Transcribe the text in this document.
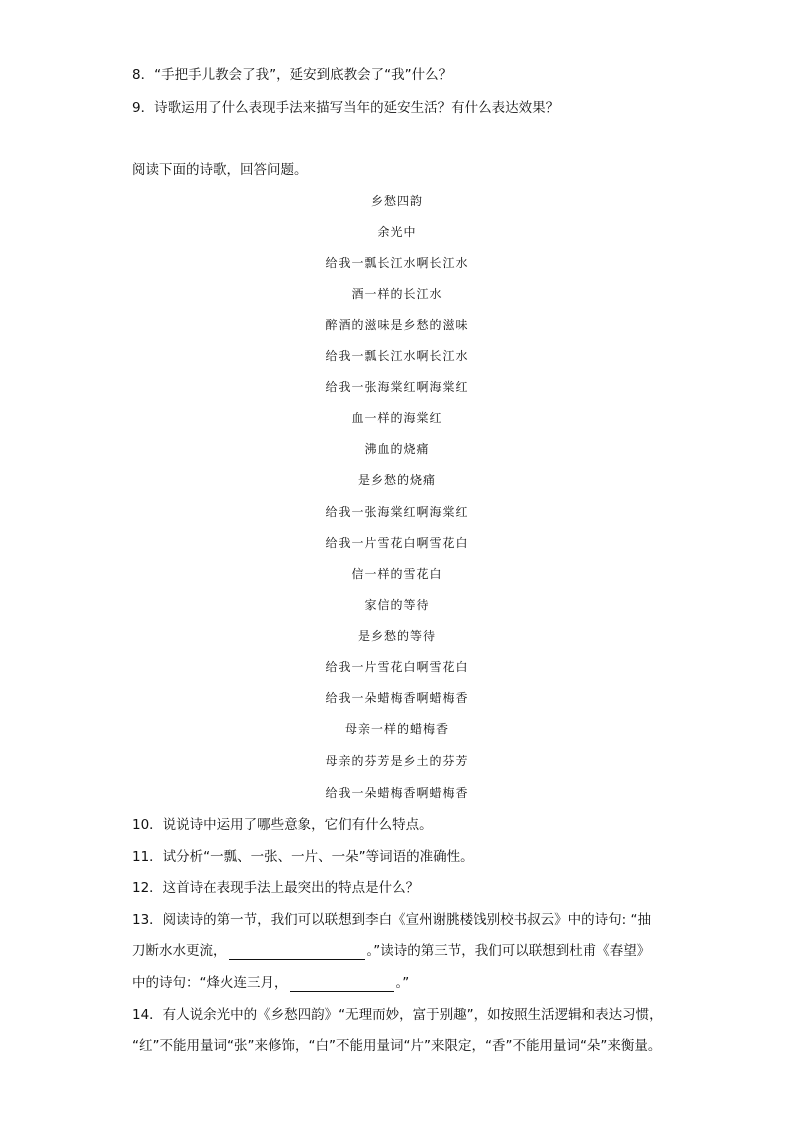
8．“手把手儿教会了我”，延安到底教会了“我”什么？
9．诗歌运用了什么表现手法来描写当年的延安生活？有什么表达效果？
阅读下面的诗歌，回答问题。
乡愁四韵
余光中
给我一瓢长江水啊长江水
酒一样的长江水
醉酒的滋味是乡愁的滋味
给我一瓢长江水啊长江水
给我一张海棠红啊海棠红
血一样的海棠红
沸血的烧痛
是乡愁的烧痛
给我一张海棠红啊海棠红
给我一片雪花白啊雪花白
信一样的雪花白
家信的等待
是乡愁的等待
给我一片雪花白啊雪花白
给我一朵蜡梅香啊蜡梅香
母亲一样的蜡梅香
母亲的芬芳是乡土的芬芳
给我一朵蜡梅香啊蜡梅香
10．说说诗中运用了哪些意象，它们有什么特点。
11．试分析“一瓢、一张、一片、一朵”等词语的准确性。
12．这首诗在表现手法上最突出的特点是什么？
13．阅读诗的第一节，我们可以联想到李白《宣州谢朓楼饯别校书叔云》中的诗句: “抽
刀断水水更流，	。”读诗的第三节，我们可以联想到杜甫《春望》
中的诗句：“烽火连三月，	。”
14．有人说余光中的《乡愁四韵》“无理而妙，富于别趣”，如按照生活逻辑和表达习惯，
“红”不能用量词“张”来修饰，“白”不能用量词“片”来限定，“香”不能用量词“朵”来衡量。
